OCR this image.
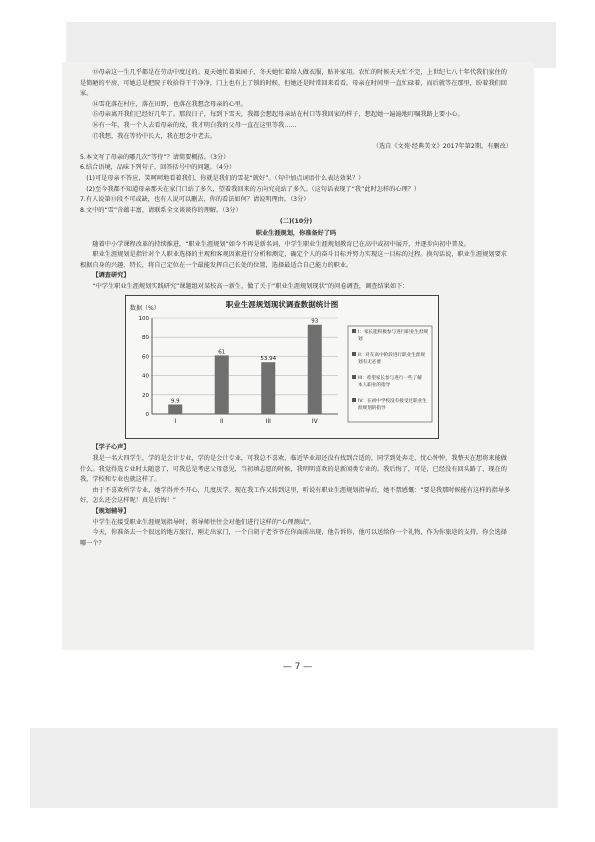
⑬母亲这一生几乎都是在劳动中度过的。夏天她忙着果园子，冬天她忙着给人做衣服，贴补家用。农忙的时候天天忙不完，上世纪七八十年代我们家住的是简陋的平房，可她总是把院子收拾得干干净净，门上也有上了锁的时候，但她还是时常回来看看。母亲在时间里一直忙碌着，而后就等在那里，盼着我们回家。

⑭雪花落在村庄，落在田野，也落在我想念母亲的心里。

⑮母亲离开我们已经好几年了。那段日子，每到下雪天，我都会想起母亲站在村口等我回家的样子，想起她一遍遍地叮嘱我路上要小心。

⑯有一年，我一个人去看母亲的坟，我才明白我的父母一直在这里等我……

⑰我想，我在等待中长大，我在想念中老去。

（选自《文苑·经典美文》2017年第2期，有删改）

5.本文写了母亲的哪几次“等待”？请简要概括。（3分）

6.结合语境，品味下列句子，回答括号中的问题。（4分）

(1)可是母亲不答应，笑呵呵地看着我们，你就是我们的雪花“就好”。（句中加点词语什么表达效果？）

(2)至今我都不知道母亲那天在家门口站了多久，望着我回来的方向究竟站了多久。（这句话表现了“我”此时怎样的心理？）

7.有人说第⑬段不可或缺，也有人说可以删去，你的看法如何？请说明理由。（3分）

8.文中的“雪”含蕴丰富，请联系全文谈谈你的理解。（3分）

(二)(10分)
职业生涯规划，你准备好了吗

随着中小学课程改革的持续推进，“职业生涯规划”如今不再是新名词，中学生职业生涯规划教育已在高中或初中展开，并逐步向初中普及。

职业生涯规划是指针对个人职业选择的主观和客观因素进行分析和测定，确定个人的奋斗目标并努力实现这一目标的过程。换句话说，职业生涯规划要求根据自身的兴趣、特长，将自己定位在一个最能发挥自己长处的位置，选择最适合自己能力的职业。

【调查研究】

“中学生职业生涯规划实践研究”课题组对某校高一新生，做了关于“职业生涯规划现状”的问卷调查，调查结果如下：

职业生涯规划现状调查数据统计图
数据（%）
0
20
40
60
80
100
9.9
I
61
II
53.94
III
93
IV
I：家长能积极参与进行职业生涯规划
II：对在高中阶段进行职业生涯规划有无必要
III：希望家长参与进行一些了解本人职业的指导
IV：在初中学校没有接受过职业生涯规划的指导

【学子心声】

我是一名大四学生，学的是会计专业，学的是会计专业，可我总不喜欢，临近毕业却还没有找到合适的，同学到处奔走，忧心忡忡，我整天在想将来能做什么。我觉得选专业时太随意了，可我总是考虑父母意见，当初填志愿的时候，我明明喜欢的是新闻类专业的。我后悔了，可是，已经没有回头路了，现在的我，学校和专业也就这样了。

由于不喜欢所学专业，她学得并不开心，几度厌学。现在我工作又转到这里，听说有职业生涯规划指导后，她不禁感慨：“要是我那时候能有这样的指导多好，怎么还会这样呢！真是后悔！”

【规划辅导】

中学生在接受职业生涯规划指导时，将导师往往会对他们进行这样的“心理测试”。

今天，你准备去一个很远的地方旅行，刚走出家门，一个白胡子老爷爷在你面前出现，他告诉你，他可以送给你一个礼物，作为你旅途的支持，你会选择哪一个？

— 7 —
